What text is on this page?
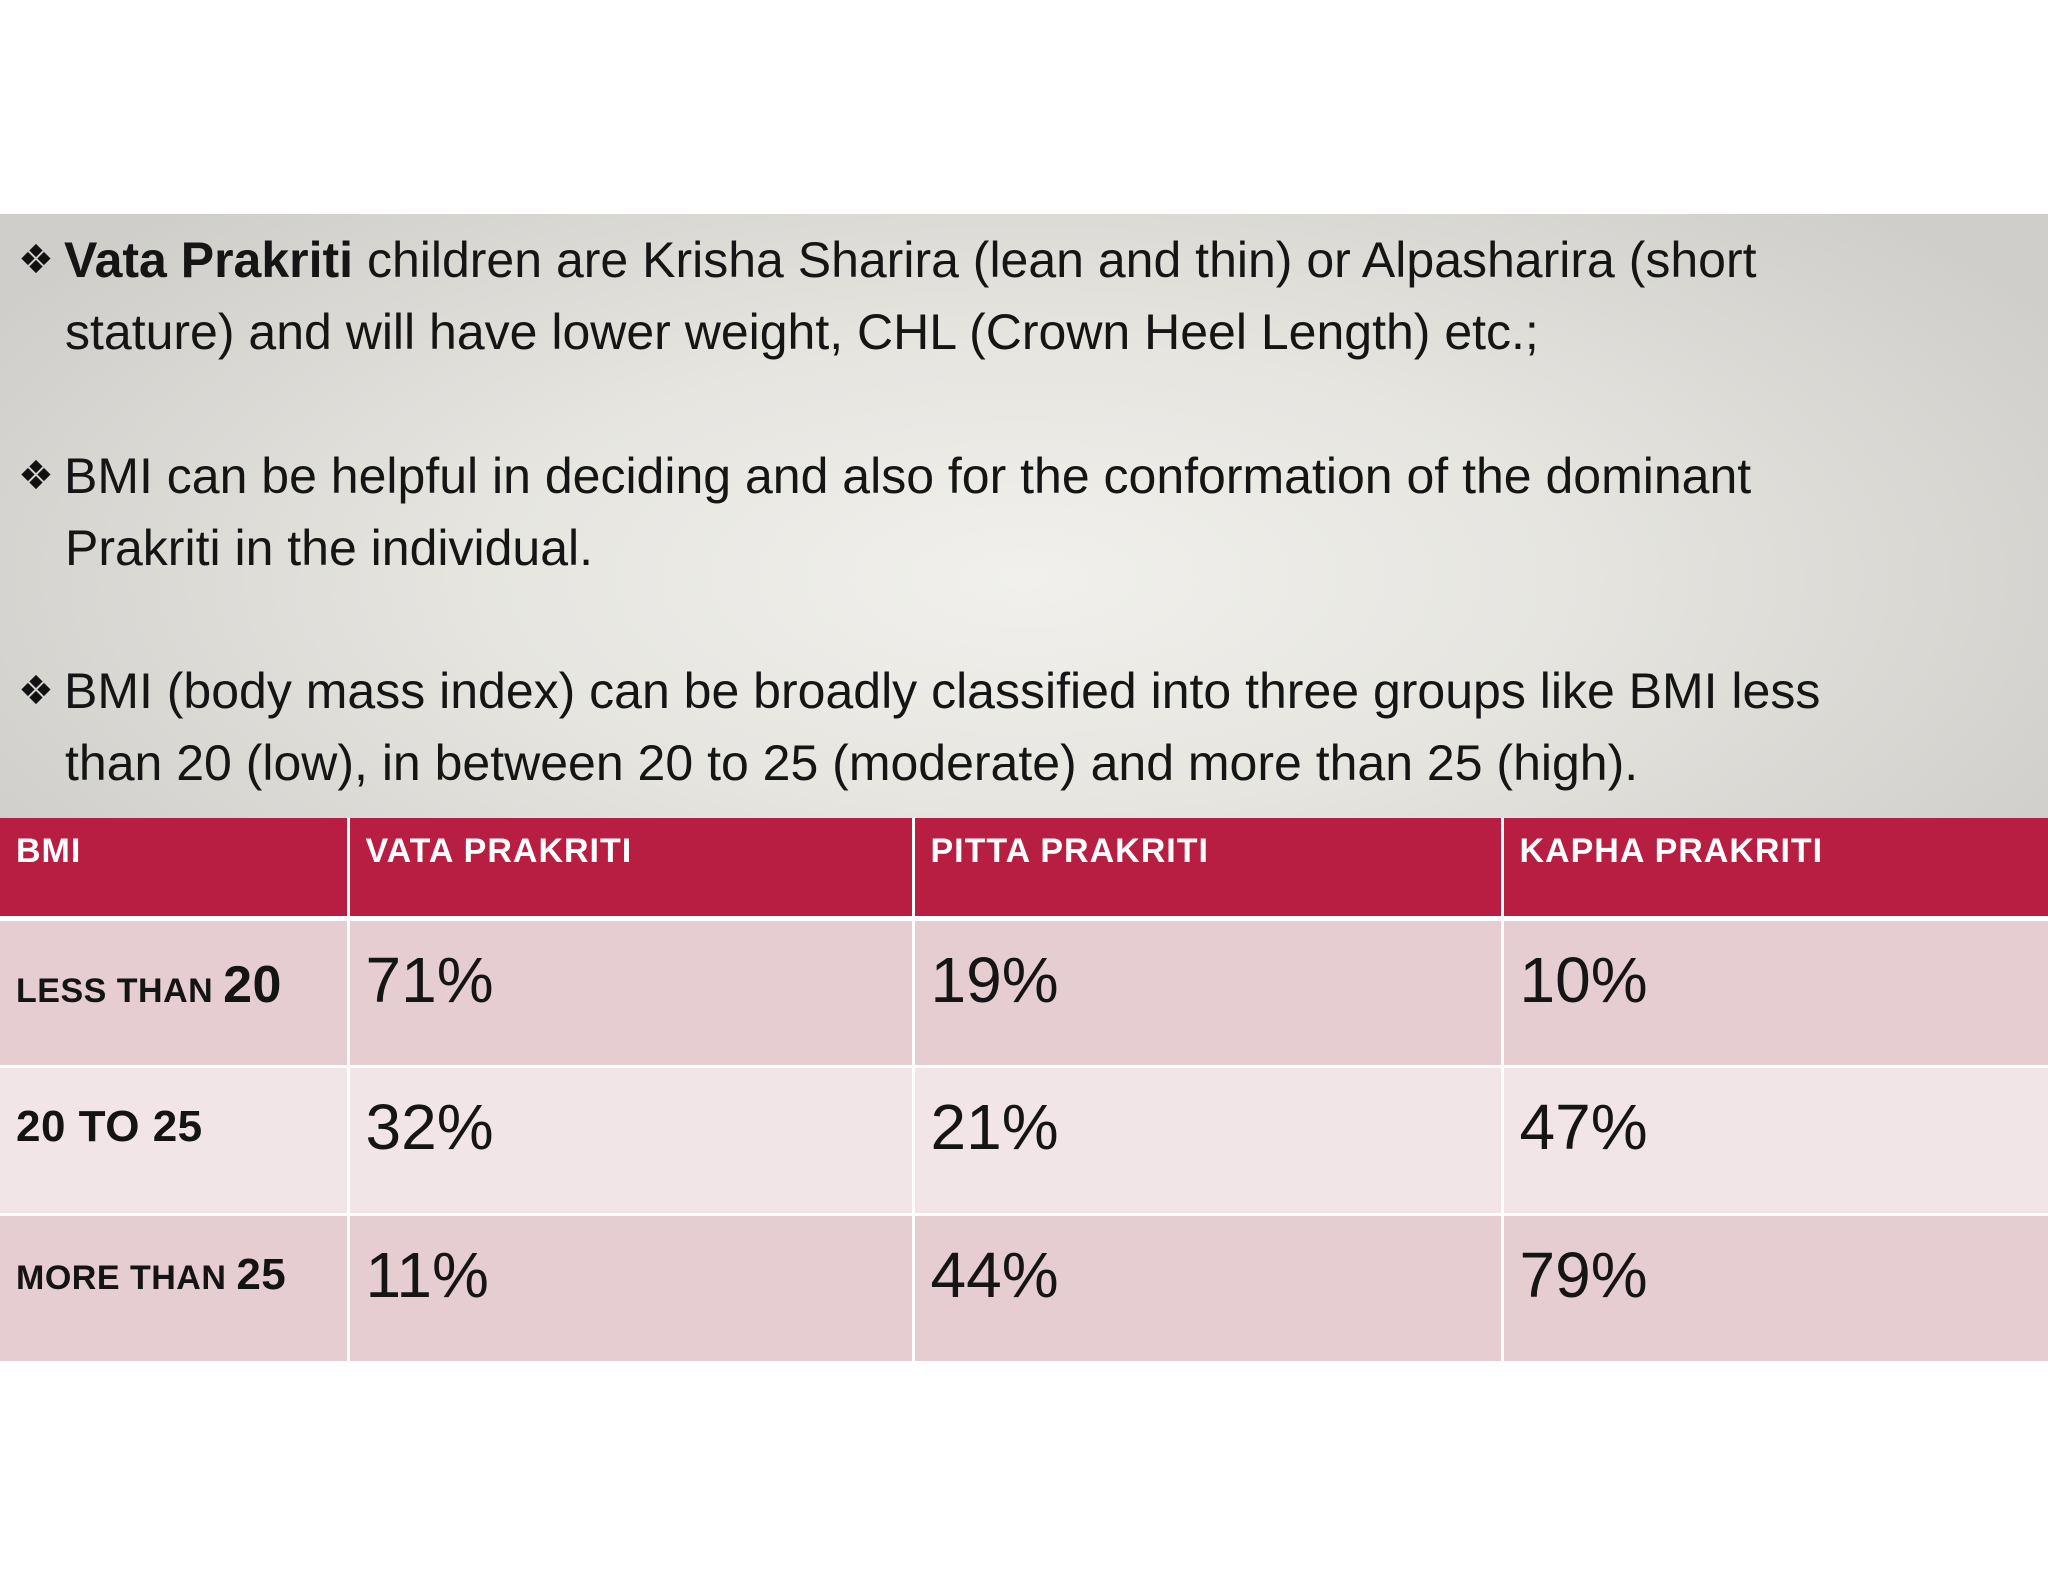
❖ Vata Prakriti children are Krisha Sharira (lean and thin) or Alpasharira (short
stature) and will have lower weight, CHL (Crown Heel Length) etc.;
❖ BMI can be helpful in deciding and also for the conformation of the dominant
Prakriti in the individual.
❖ BMI (body mass index) can be broadly classified into three groups like BMI less
than 20 (low), in between 20 to 25 (moderate) and more than 25 (high).
BMI	VATA PRAKRITI	PITTA PRAKRITI	KAPHA PRAKRITI
LESS THAN 20	71%	19%	10%
20 TO 25	32%	21%	47%
MORE THAN 25	11%	44%	79%
